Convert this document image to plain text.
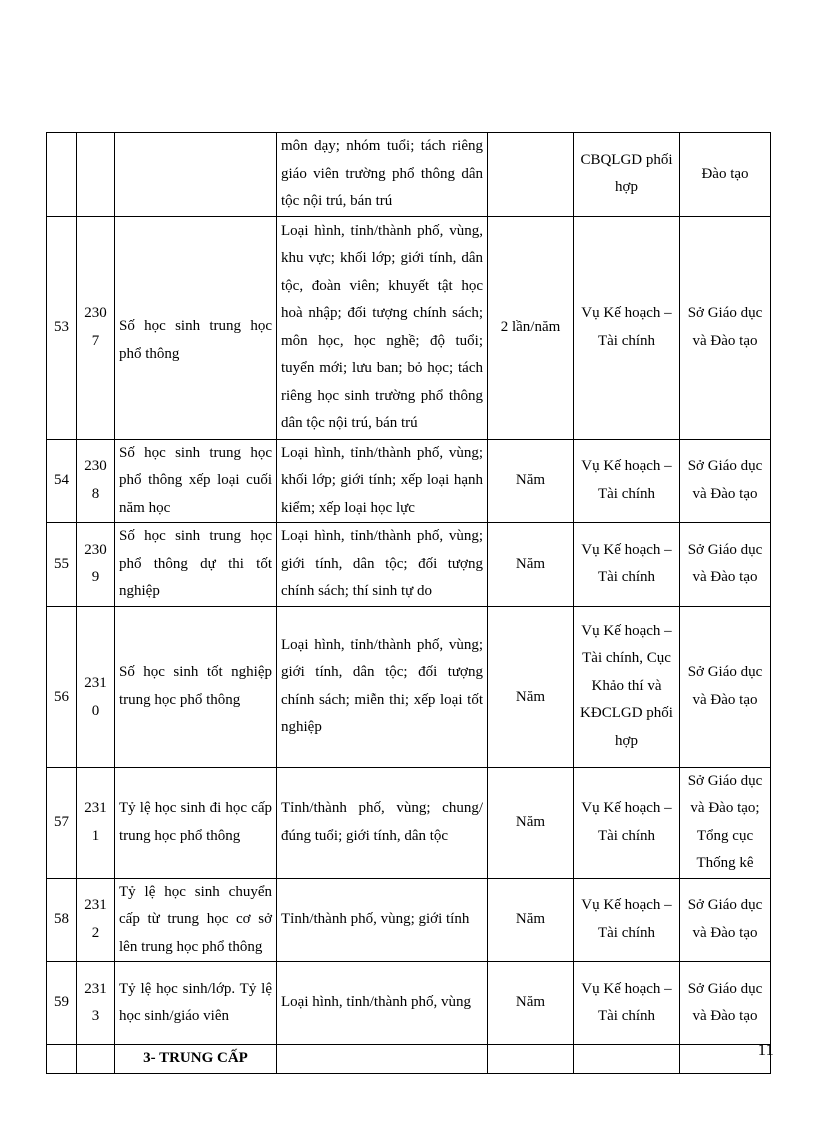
			môn dạy; nhóm tuổi; tách riêng giáo viên trường phổ thông dân tộc nội trú, bán trú		CBQLGD phối hợp	Đào tạo
53	2307	Số học sinh trung học phổ thông	Loại hình, tỉnh/thành phố, vùng, khu vực; khối lớp; giới tính, dân tộc, đoàn viên; khuyết tật học hoà nhập; đối tượng chính sách; môn học, học nghề; độ tuổi; tuyển mới; lưu ban; bỏ học; tách riêng học sinh trường phổ thông dân tộc nội trú, bán trú	2 lần/năm	Vụ Kế hoạch – Tài chính	Sở Giáo dục và Đào tạo
54	2308	Số học sinh trung học phổ thông xếp loại cuối năm học	Loại hình, tỉnh/thành phố, vùng; khối lớp; giới tính; xếp loại hạnh kiểm; xếp loại học lực	Năm	Vụ Kế hoạch – Tài chính	Sở Giáo dục và Đào tạo
55	2309	Số học sinh trung học phổ thông dự thi tốt nghiệp	Loại hình, tỉnh/thành phố, vùng; giới tính, dân tộc; đối tượng chính sách; thí sinh tự do	Năm	Vụ Kế hoạch – Tài chính	Sở Giáo dục và Đào tạo
56	2310	Số học sinh tốt nghiệp trung học phổ thông	Loại hình, tỉnh/thành phố, vùng; giới tính, dân tộc; đối tượng chính sách; miễn thi; xếp loại tốt nghiệp	Năm	Vụ Kế hoạch – Tài chính, Cục Khảo thí và KĐCLGD phối hợp	Sở Giáo dục và Đào tạo
57	2311	Tỷ lệ học sinh đi học cấp trung học phổ thông	Tỉnh/thành phố, vùng; chung/đúng tuổi; giới tính, dân tộc	Năm	Vụ Kế hoạch – Tài chính	Sở Giáo dục và Đào tạo; Tổng cục Thống kê
58	2312	Tỷ lệ học sinh chuyển cấp từ trung học cơ sở lên trung học phổ thông	Tỉnh/thành phố, vùng; giới tính	Năm	Vụ Kế hoạch – Tài chính	Sở Giáo dục và Đào tạo
59	2313	Tỷ lệ học sinh/lớp. Tỷ lệ học sinh/giáo viên	Loại hình, tỉnh/thành phố, vùng	Năm	Vụ Kế hoạch – Tài chính	Sở Giáo dục và Đào tạo
		3- TRUNG CẤP					11
